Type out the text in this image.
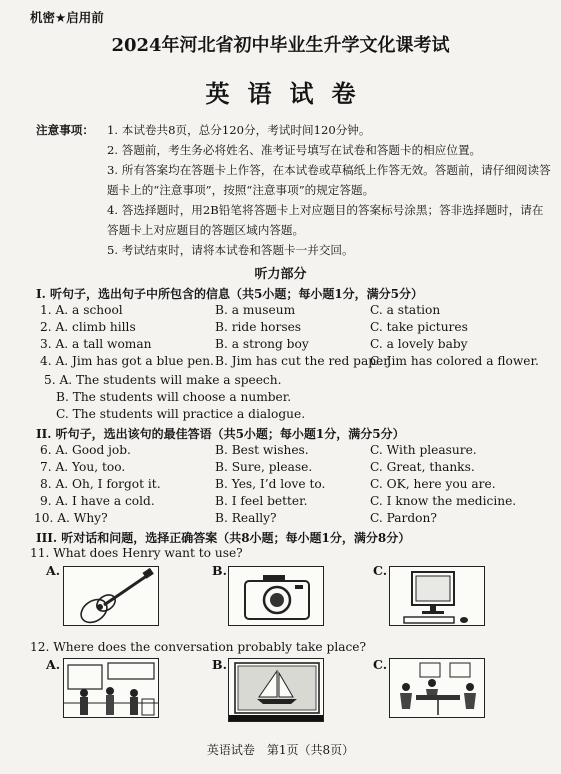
机密★启用前
2024年河北省初中毕业生升学文化课考试
英语试卷
注意事项： 1. 本试卷共8页，总分120分，考试时间120分钟。
2. 答题前，考生务必将姓名、准考证号填写在试卷和答题卡的相应位置。
3. 所有答案均在答题卡上作答，在本试卷或草稿纸上作答无效。答题前，请仔细阅读答题卡上的“注意事项”，按照“注意事项”的规定答题。
4. 答选择题时，用2B铅笔将答题卡上对应题目的答案标号涂黑；答非选择题时，请在答题卡上对应题目的答题区域内答题。
5. 考试结束时，请将本试卷和答题卡一并交回。
听力部分
I. 听句子，选出句子中所包含的信息（共5小题；每小题1分，满分5分）
1. A. a school	B. a museum	C. a station
2. A. climb hills	B. ride horses	C. take pictures
3. A. a tall woman	B. a strong boy	C. a lovely baby
4. A. Jim has got a blue pen. B. Jim has cut the red paper.
C. Jim has colored a flower.
5. A. The students will make a speech.
B. The students will choose a number.
C. The students will practice a dialogue.
II. 听句子，选出该句的最佳答语（共5小题；每小题1分，满分5分）
6. A. Good job.	B. Best wishes.	C. With pleasure.
7. A. You, too.	B. Sure, please.	C. Great, thanks.
8. A. Oh, I forgot it.	B. Yes, I’d love to.	C. OK, here you are.
9. A. I have a cold.	B. I feel better.	C. I know the medicine.
10. A. Why?	B. Really?	C. Pardon?
III. 听对话和问题，选择正确答案（共8小题；每小题1分，满分8分）
11. What does Henry want to use?
A.	B.	C.
12. Where does the conversation probably take place?
A.	B.	C.
英语试卷　第1页（共8页）
